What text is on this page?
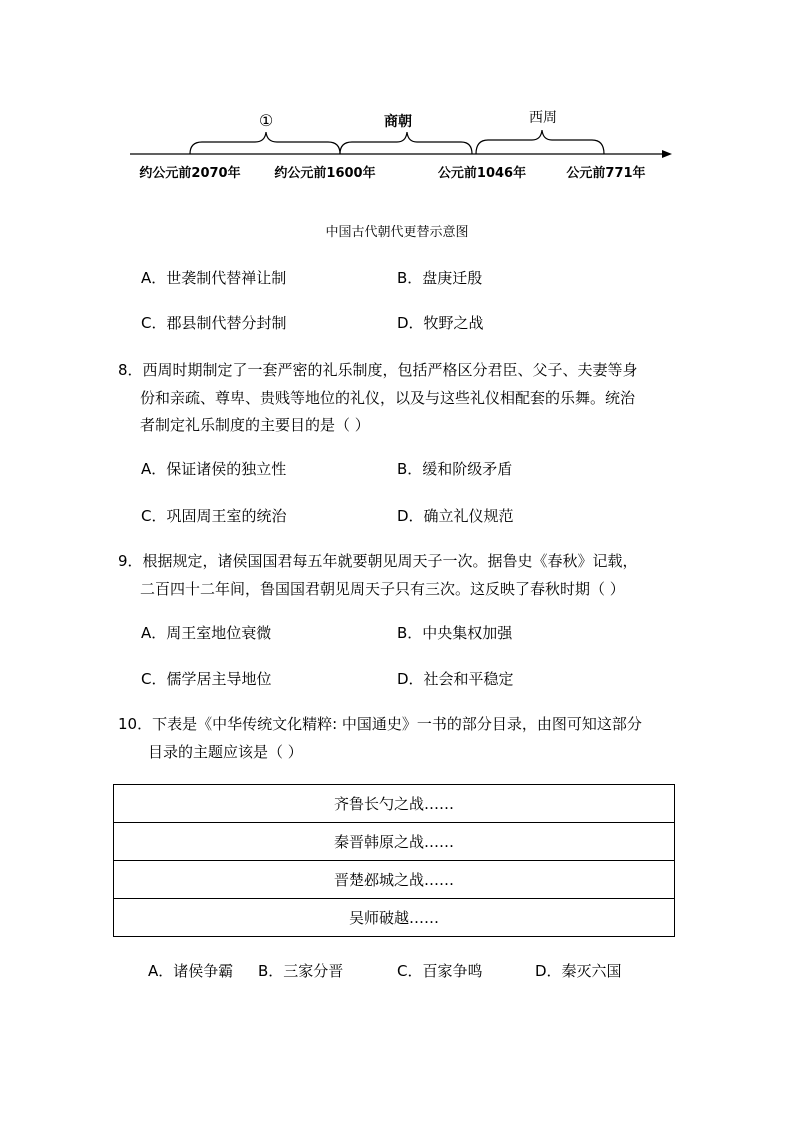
①	商朝	西周
约公元前2070年	约公元前1600年	公元前1046年	公元前771年
中国古代朝代更替示意图
A．世袭制代替禅让制	B．盘庚迁殷
C．郡县制代替分封制	D．牧野之战

8．西周时期制定了一套严密的礼乐制度，包括严格区分君臣、父子、夫妻等身

份和亲疏、尊卑、贵贱等地位的礼仪，以及与这些礼仪相配套的乐舞。统治

者制定礼乐制度的主要目的是（ ）

A．保证诸侯的独立性	B．缓和阶级矛盾
C．巩固周王室的统治	D．确立礼仪规范

9．根据规定，诸侯国国君每五年就要朝见周天子一次。据鲁史《春秋》记载，

二百四十二年间，鲁国国君朝见周天子只有三次。这反映了春秋时期（ ）

A．周王室地位衰微	B．中央集权加强
C．儒学居主导地位	D．社会和平稳定

10．下表是《中华传统文化精粹: 中国通史》一书的部分目录，由图可知这部分

目录的主题应该是（ ）

齐鲁长勺之战……
秦晋韩原之战……
晋楚邲城之战……
吴师破越……
A．诸侯争霸 B．三家分晋	C．百家争鸣	D．秦灭六国
